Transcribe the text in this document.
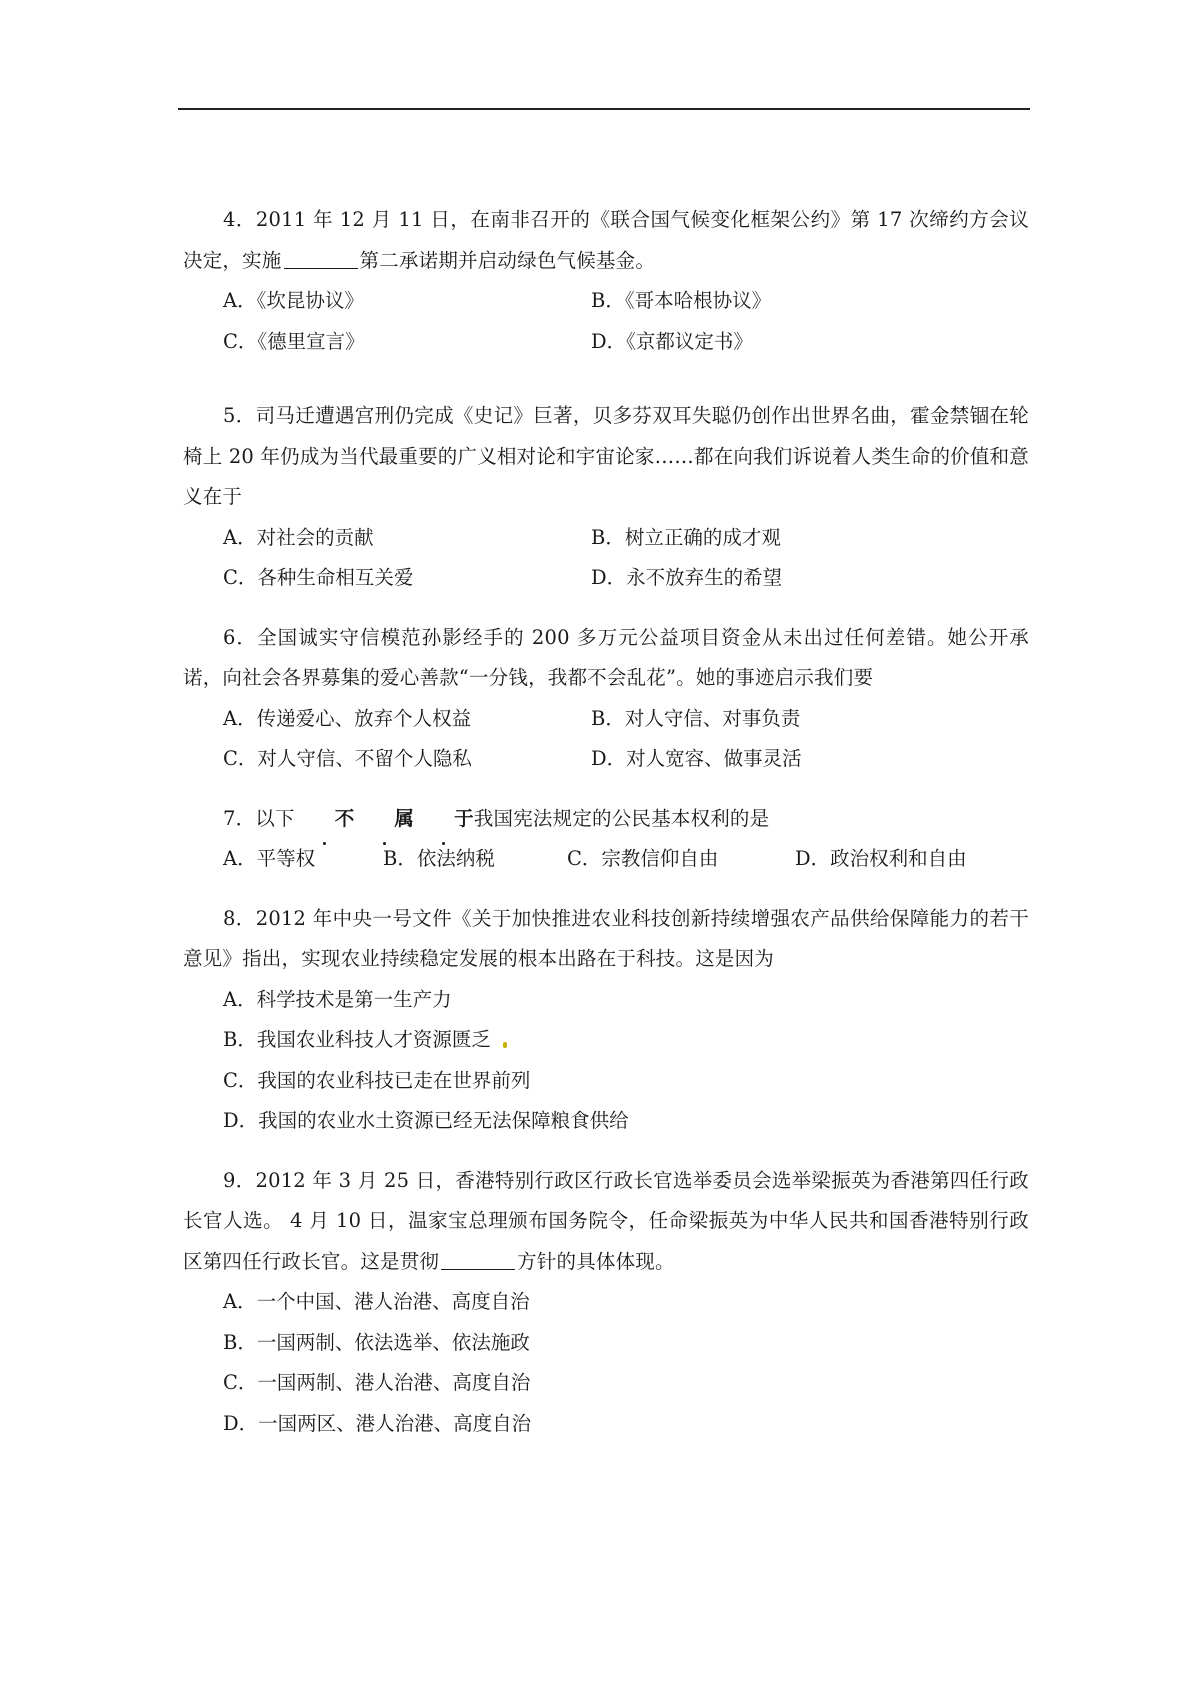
4．2011 年 12 月 11 日，在南非召开的《联合国气候变化框架公约》第 17 次缔约方会议决定，实施	第二承诺期并启动绿色气候基金。
A．《坎昆协议》	B．《哥本哈根协议》
C．《德里宣言》	D．《京都议定书》
5．司马迁遭遇宫刑仍完成《史记》巨著，贝多芬双耳失聪仍创作出世界名曲，霍金禁锢在轮椅上 20 年仍成为当代最重要的广义相对论和宇宙论家……都在向我们诉说着人类生命的价值和意义在于
A．对社会的贡献	B．树立正确的成才观
C．各种生命相互关爱	D．永不放弃生的希望
6．全国诚实守信模范孙影经手的 200 多万元公益项目资金从未出过任何差错。她公开承诺，向社会各界募集的爱心善款“一分钱，我都不会乱花”。她的事迹启示我们要
A．传递爱心、放弃个人权益	B．对人守信、对事负责
C．对人守信、不留个人隐私	D．对人宽容、做事灵活
7．以下 不 属 于我国宪法规定的公民基本权利的是
A．平等权	B．依法纳税	C．宗教信仰自由	D．政治权利和自由
8．2012 年中央一号文件《关于加快推进农业科技创新持续增强农产品供给保障能力的若干意见》指出，实现农业持续稳定发展的根本出路在于科技。这是因为
A．科学技术是第一生产力
B．我国农业科技人才资源匮乏
C．我国的农业科技已走在世界前列
D．我国的农业水土资源已经无法保障粮食供给
9．2012 年 3 月 25 日，香港特别行政区行政长官选举委员会选举梁振英为香港第四任行政长官人选。 4 月 10 日，温家宝总理颁布国务院令，任命梁振英为中华人民共和国香港特别行政区第四任行政长官。这是贯彻	方针的具体体现。
A．一个中国、港人治港、高度自治
B．一国两制、依法选举、依法施政
C．一国两制、港人治港、高度自治
D．一国两区、港人治港、高度自治
